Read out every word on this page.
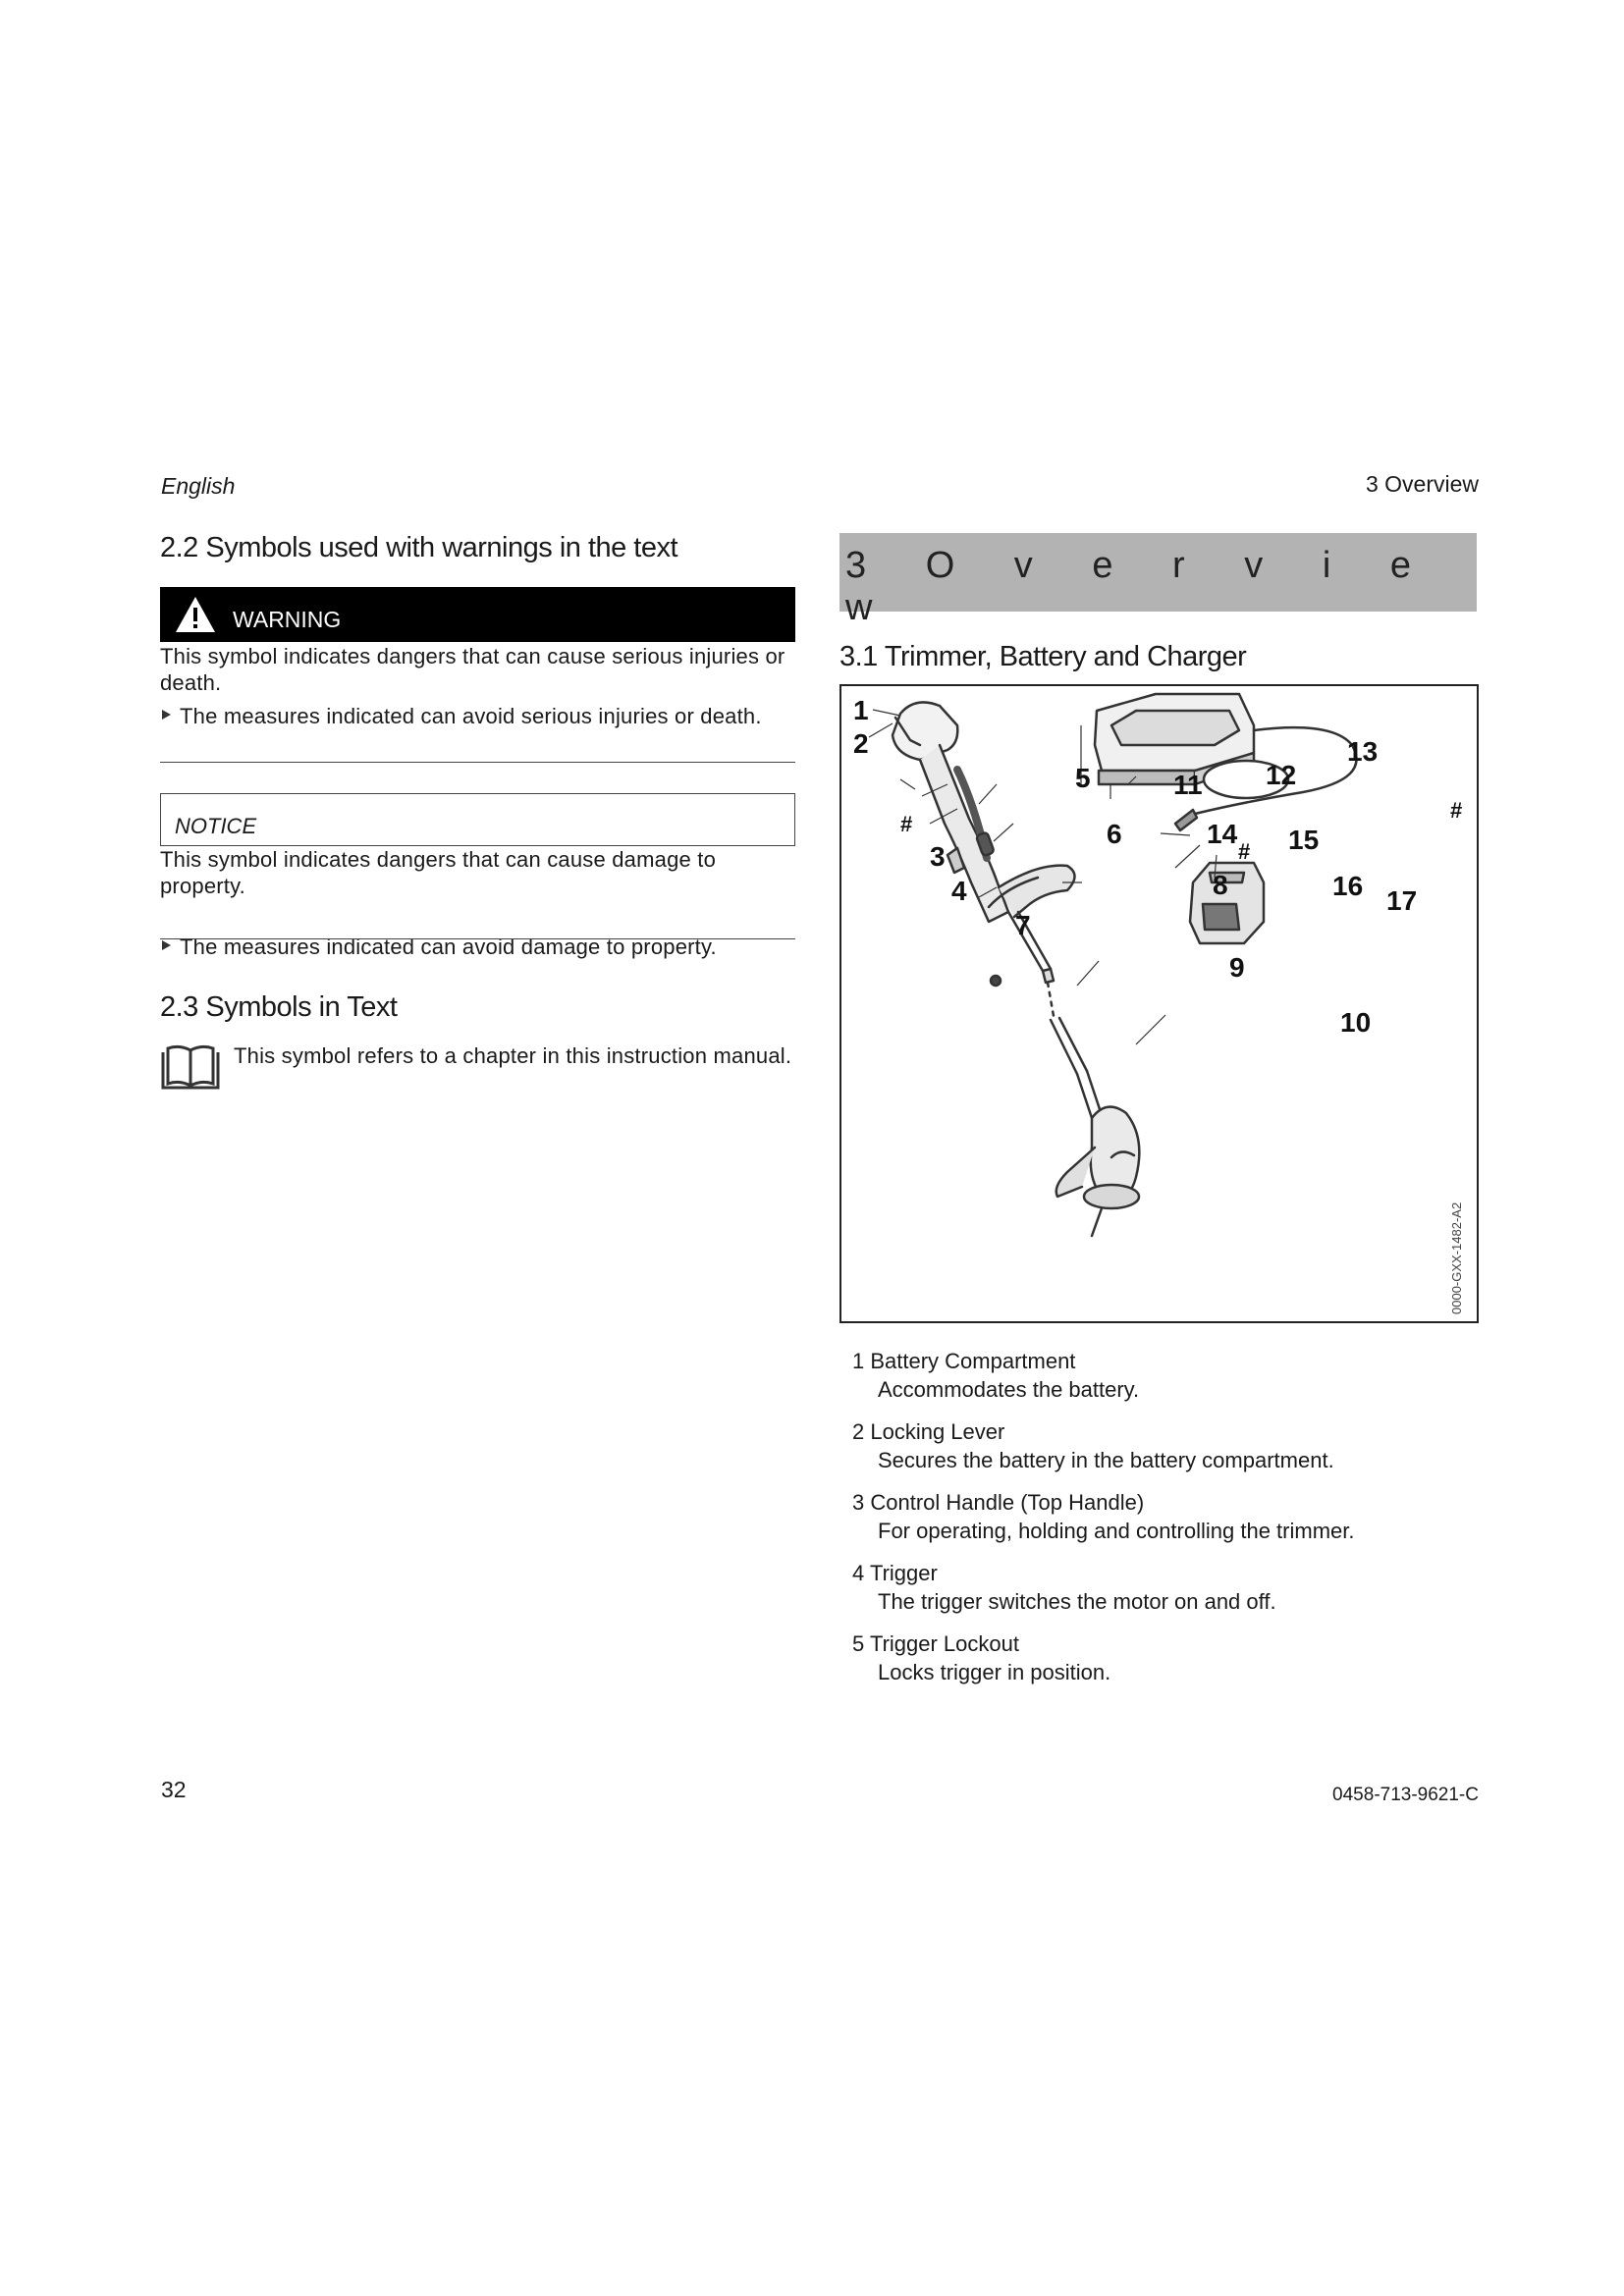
English	3 Overview
2.2 Symbols used with warnings in the text
WARNING
This symbol indicates dangers that can cause serious injuries or death.
The measures indicated can avoid serious injuries or death.
NOTICE
This symbol indicates dangers that can cause damage to property.
The measures indicated can avoid damage to property.
2.3 Symbols in Text
This symbol refers to a chapter in this instruction manual.
3 O v e r v i e w
3.1 Trimmer, Battery and Charger
0000-GXX-1482-A2
1
2
3
4
5
6
7
8
9
10
11 12
13
14 15
16 17
#
#
#
1 Battery Compartment
Accommodates the battery.
2 Locking Lever
Secures the battery in the battery compartment.
3 Control Handle (Top Handle)
For operating, holding and controlling the trimmer.
4 Trigger
The trigger switches the motor on and off.
5 Trigger Lockout
Locks trigger in position.
32	0458-713-9621-C
